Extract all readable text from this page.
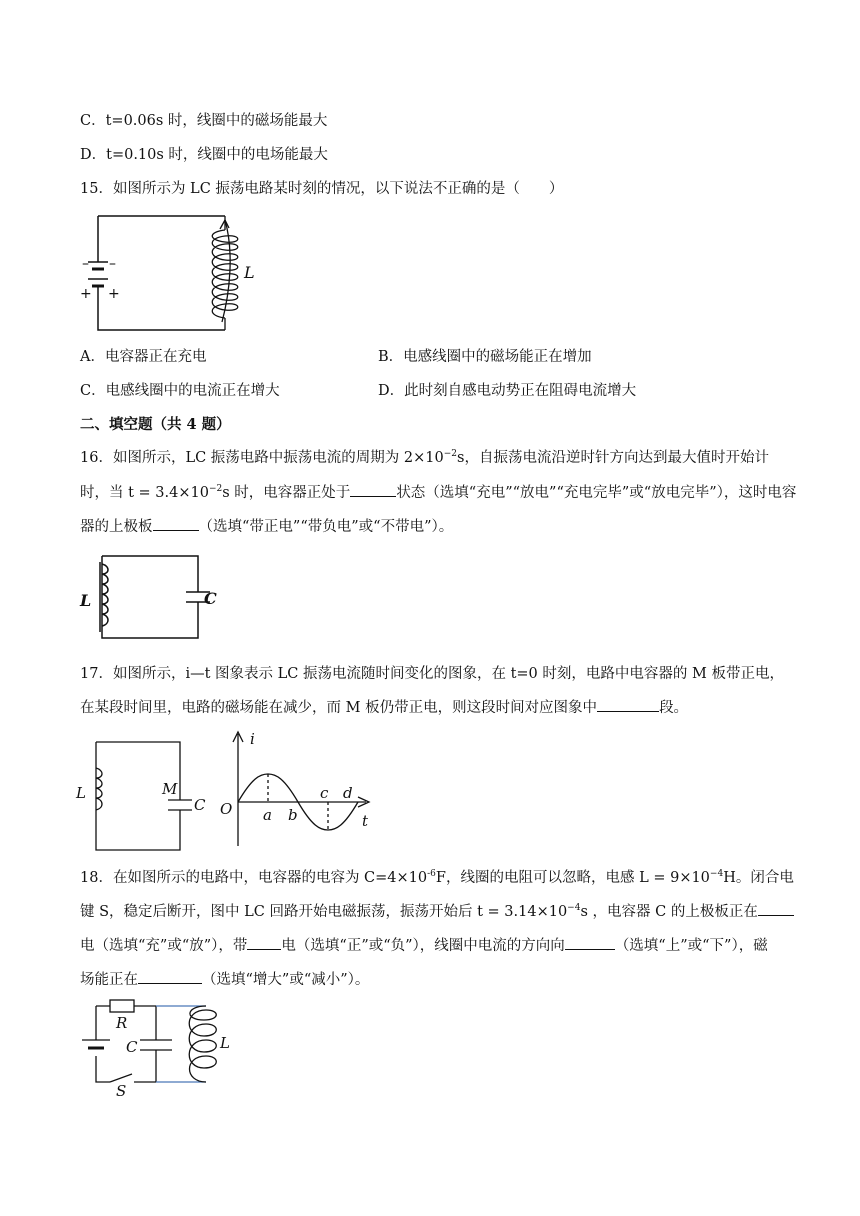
C．t=0.06s 时，线圈中的磁场能最大
D．t=0.10s 时，线圈中的电场能最大
15．如图所示为 LC 振荡电路某时刻的情况，以下说法不正确的是（　　）
– –
+ +
L
A．电容器正在充电	B．电感线圈中的磁场能正在增加
C．电感线圈中的电流正在增大	D．此时刻自感电动势正在阻碍电流增大
二、填空题（共 4 题）
16．如图所示，LC 振荡电路中振荡电流的周期为 $2\times 10^{-2}s$，自振荡电流沿逆时针方向达到最大值时开始计
时，当 $t = 3.4\times 10^{-2}s$ 时，电容器正处于	状态（选填“充电”“放电”“充电完毕”或“放电完毕”），这时电容
器的上极板	（选填“带正电”“带负电”或“不带电”）。
L	C
17．如图所示，i—t 图象表示 LC 振荡电流随时间变化的图象，在 t=0 时刻，电路中电容器的 M 板带正电，
在某段时间里，电路的磁场能在减少，而 M 板仍带正电，则这段时间对应图象中	段。
L	M
C O
i
t
a b
c d
18．在如图所示的电路中，电容器的电容为 $C=4\times 10^{-6}F$，线圈的电阻可以忽略，电感 $L = 9\times 10^{-4}H$。闭合电
键 S，稳定后断开，图中 LC 回路开始电磁振荡，振荡开始后 $t = 3.14\times 10^{-4}s$ ，电容器 C 的上极板正在
电（选填“充”或“放”），带 电（选填“正”或“负”），线圈中电流的方向向	（选填“上”或“下”），磁
场能正在	（选填“增大”或“减小”）。
R
C	L
S
